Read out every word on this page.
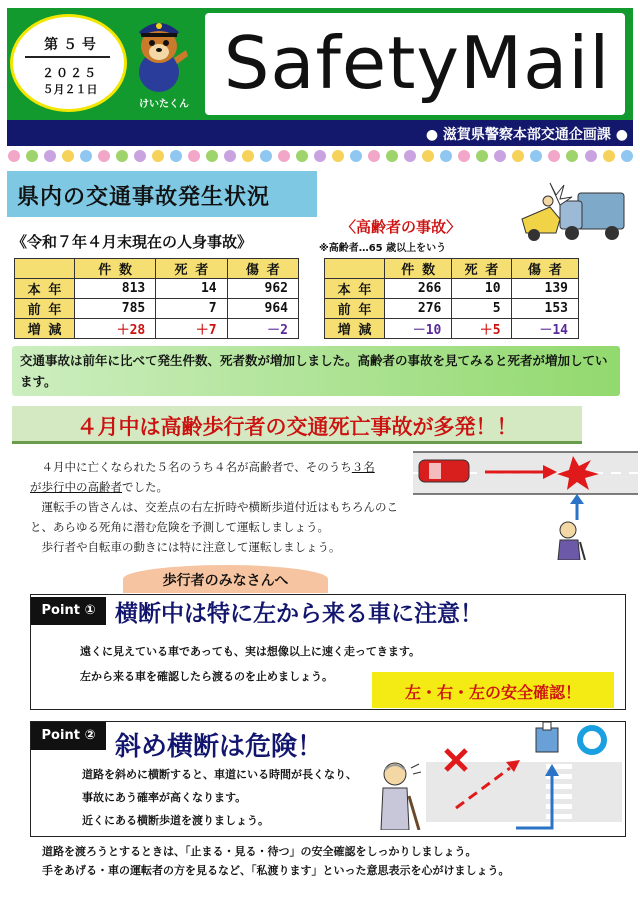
第 ５ 号
２０２５
５月２１日
けいたくん SafetyMail
● 滋賀県警察本部交通企画課 ●
県内の交通事故発生状況
《令和７年４月末現在の人身事故》
〈高齢者の事故〉
※高齢者…65 歳以上をいう
	件 数	死 者	傷 者
本 年	813	14	962
前 年	785	7	964
増 減	＋28	＋7	－2
	件 数	死 者	傷 者
本 年	266	10	139
前 年	276	5	153
増 減	－10	＋5	－14
交通事故は前年に比べて発生件数、死者数が増加しました。高齢者の事故を見てみると死者が増加しています。
４月中は高齢歩行者の交通死亡事故が多発！！
４月中に亡くなられた５名のうち４名が高齢者で、そのうち３名
が歩行中の高齢者でした。
運転手の皆さんは、交差点の右左折時や横断歩道付近はもちろんのこと、あらゆる死角に潜む危険を予測して運転しましょう。
歩行者や自転車の動きには特に注意して運転しましょう。
歩行者のみなさんへ
Point ① 横断中は特に左から来る車に注意！
遠くに見えている車であっても、実は想像以上に速く走ってきます。
左から来る車を確認したら渡るのを止めましょう。
左・右・左の安全確認！
Point ② 斜め横断は危険！
道路を斜めに横断すると、車道にいる時間が長くなり、
事故にあう確率が高くなります。
近くにある横断歩道を渡りましょう。
道路を渡ろうとするときは、「止まる・見る・待つ」の安全確認をしっかりしましょう。
手をあげる・車の運転者の方を見るなど、「私渡ります」といった意思表示を心がけましょう。
